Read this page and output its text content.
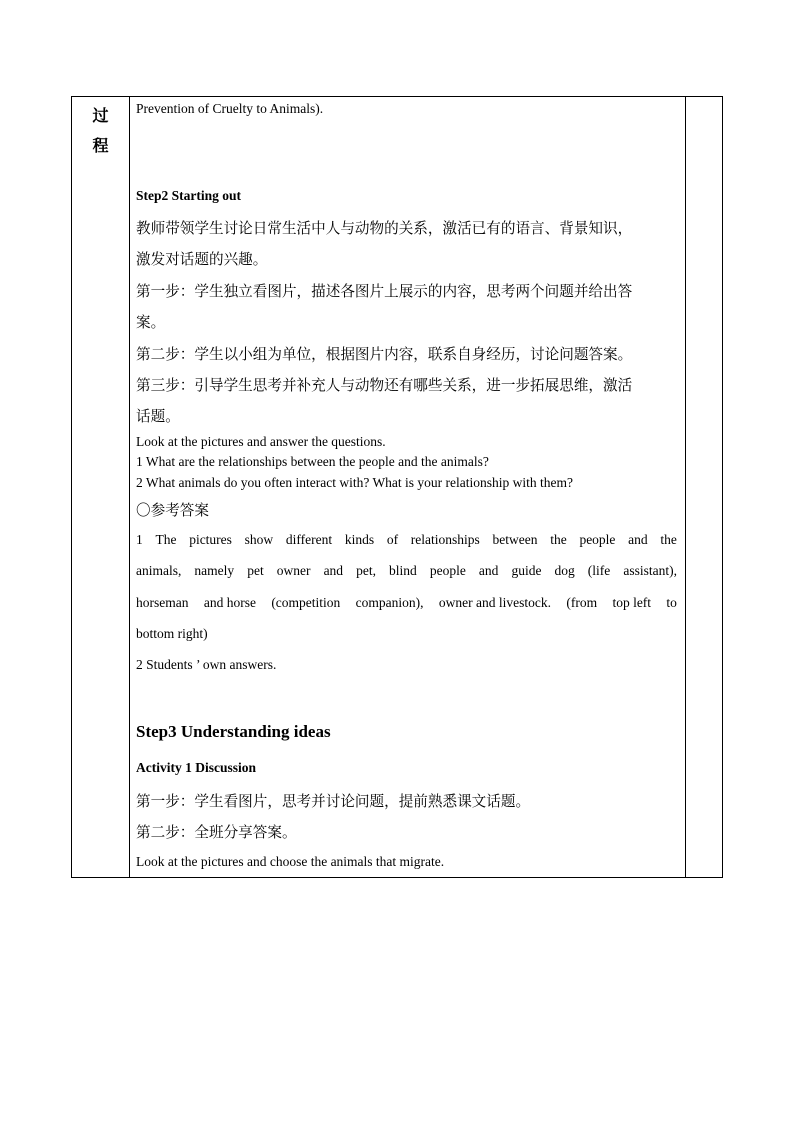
过
程
Prevention of Cruelty to Animals).
Step2 Starting out
教师带领学生讨论日常生活中人与动物的关系，激活已有的语言、背景知识，
激发对话题的兴趣。
第一步：学生独立看图片，描述各图片上展示的内容，思考两个问题并给出答
案。
第二步：学生以小组为单位，根据图片内容，联系自身经历，讨论问题答案。
第三步：引导学生思考并补充人与动物还有哪些关系，进一步拓展思维，激活
话题。
Look at the pictures and answer the questions.
1 What are the relationships between the people and the animals?
2 What animals do you often interact with? What is your relationship with them?
〇参考答案
1 The pictures show different kinds of relationships between the people and the
animals, namely pet owner and pet, blind people and guide dog (life assistant),
horseman and horse (competition companion), owner and livestock. (from top left to
bottom right)
2 Students ’ own answers.
Step3 Understanding ideas
Activity 1 Discussion
第一步：学生看图片，思考并讨论问题，提前熟悉课文话题。
第二步：全班分享答案。
Look at the pictures and choose the animals that migrate.
